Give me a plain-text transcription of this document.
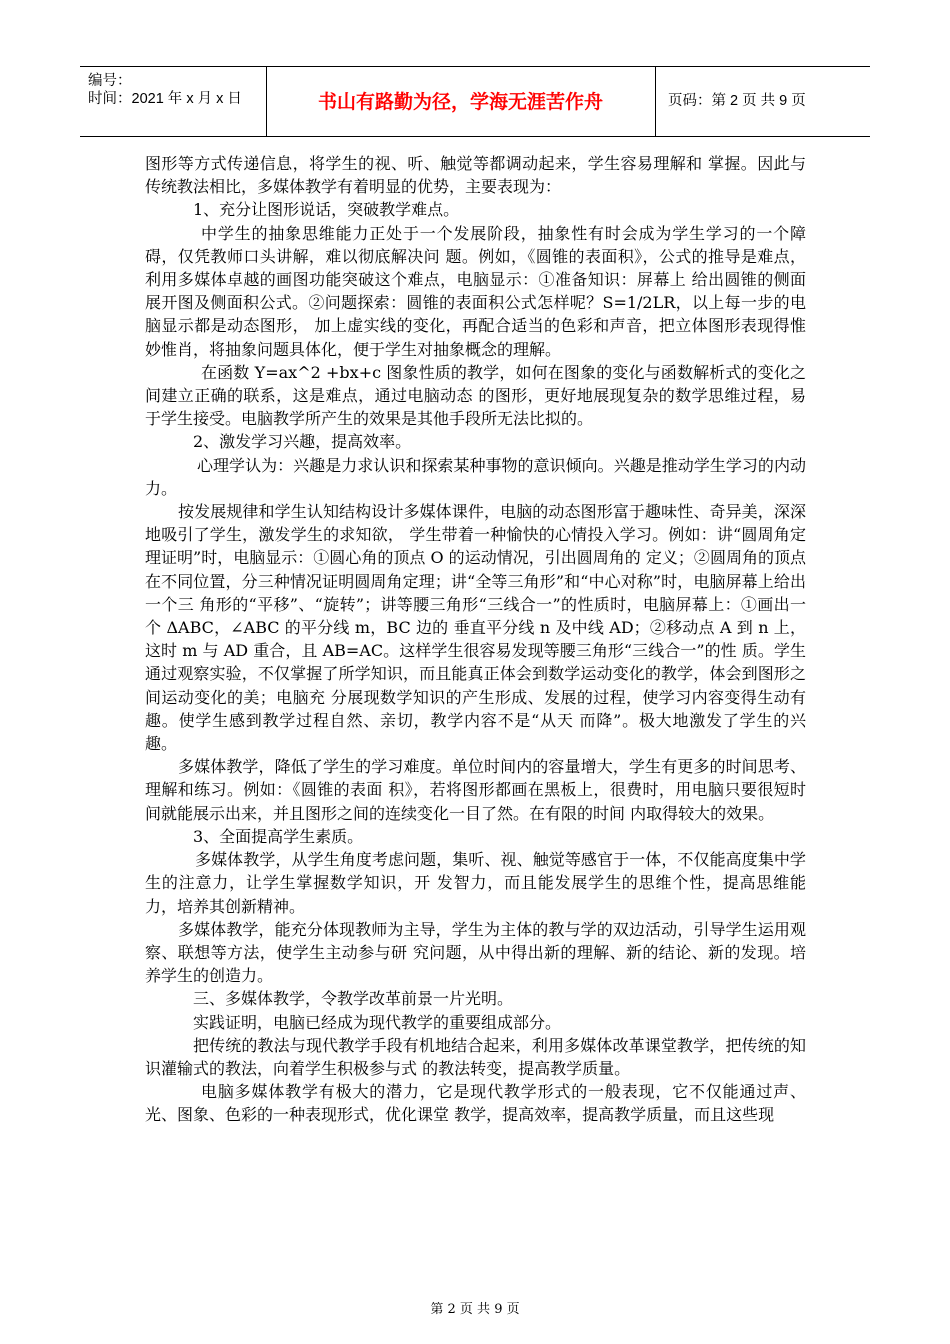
编号：
时间：2021 年 x 月 x 日	书山有路勤为径，学海无涯苦作舟	页码：第 2 页 共 9 页

图形等方式传递信息，将学生的视、听、触觉等都调动起来，学生容易理解和 掌握。因此与传统教法相比，多媒体教学有着明显的优势，主要表现为：

1、充分让图形说话，突破教学难点。

中学生的抽象思维能力正处于一个发展阶段，抽象性有时会成为学生学习的一个障碍，仅凭教师口头讲解，难以彻底解决问 题。例如，《圆锥的表面积》，公式的推导是难点，利用多媒体卓越的画图功能突破这个难点，电脑显示：①准备知识：屏幕上 给出圆锥的侧面展开图及侧面积公式。②问题探索：圆锥的表面积公式怎样呢？S=1/2LR，以上每一步的电脑显示都是动态图形， 加上虚实线的变化，再配合适当的色彩和声音，把立体图形表现得惟妙惟肖，将抽象问题具体化，便于学生对抽象概念的理解。

在函数 Y=ax^2 +bx+c 图象性质的教学，如何在图象的变化与函数解析式的变化之间建立正确的联系，这是难点，通过电脑动态 的图形，更好地展现复杂的数学思维过程，易于学生接受。电脑教学所产生的效果是其他手段所无法比拟的。

2、激发学习兴趣，提高效率。

心理学认为：兴趣是力求认识和探索某种事物的意识倾向。兴趣是推动学生学习的内动力。

按发展规律和学生认知结构设计多媒体课件，电脑的动态图形富于趣味性、奇异美，深深地吸引了学生，激发学生的求知欲， 学生带着一种愉快的心情投入学习。例如：讲“圆周角定理证明”时，电脑显示：①圆心角的顶点 O 的运动情况，引出圆周角的 定义；②圆周角的顶点在不同位置，分三种情况证明圆周角定理；讲“全等三角形”和“中心对称”时，电脑屏幕上给出一个三 角形的“平移”、“旋转”；讲等腰三角形“三线合一”的性质时，电脑屏幕上：①画出一个 ΔABC，∠ABC 的平分线 m，BC 边的 垂直平分线 n 及中线 AD；②移动点 A 到 n 上，这时 m 与 AD 重合，且 AB=AC。这样学生很容易发现等腰三角形“三线合一”的性 质。学生通过观察实验，不仅掌握了所学知识，而且能真正体会到数学运动变化的教学，体会到图形之间运动变化的美；电脑充 分展现数学知识的产生形成、发展的过程，使学习内容变得生动有趣。使学生感到教学过程自然、亲切，教学内容不是“从天 而降”。极大地激发了学生的兴趣。

多媒体教学，降低了学生的学习难度。单位时间内的容量增大，学生有更多的时间思考、理解和练习。例如：《圆锥的表面 积》，若将图形都画在黑板上，很费时，用电脑只要很短时间就能展示出来，并且图形之间的连续变化一目了然。在有限的时间 内取得较大的效果。

3、全面提高学生素质。

多媒体教学，从学生角度考虑问题，集听、视、触觉等感官于一体，不仅能高度集中学生的注意力，让学生掌握数学知识，开 发智力，而且能发展学生的思维个性，提高思维能力，培养其创新精神。

多媒体教学，能充分体现教师为主导，学生为主体的教与学的双边活动，引导学生运用观察、联想等方法，使学生主动参与研 究问题，从中得出新的理解、新的结论、新的发现。培养学生的创造力。

三、多媒体教学，令教学改革前景一片光明。

实践证明，电脑已经成为现代教学的重要组成部分。

把传统的教法与现代教学手段有机地结合起来，利用多媒体改革课堂教学，把传统的知识灌输式的教法，向着学生积极参与式 的教法转变，提高教学质量。

电脑多媒体教学有极大的潜力，它是现代教学形式的一般表现，它不仅能通过声、光、图象、色彩的一种表现形式，优化课堂 教学，提高效率，提高教学质量，而且这些现

第 2 页 共 9 页
